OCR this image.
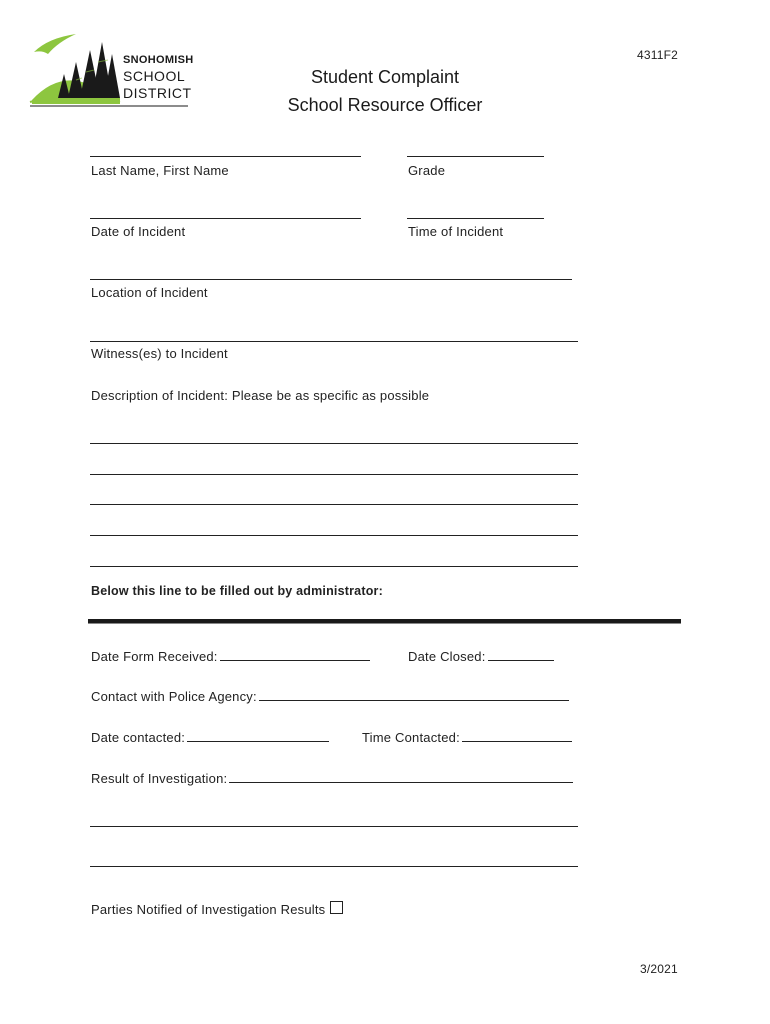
SNOHOMISH
SCHOOL
DISTRICT
4311F2
Student Complaint
School Resource Officer
Last Name, First Name	Grade
Date of Incident	Time of Incident
Location of Incident
Witness(es) to Incident
Description of Incident: Please be as specific as possible
Below this line to be filled out by administrator:
Date Form Received:	Date Closed:
Contact with Police Agency:
Date contacted:	Time Contacted:
Result of Investigation:
Parties Notified of Investigation Results
3/2021
